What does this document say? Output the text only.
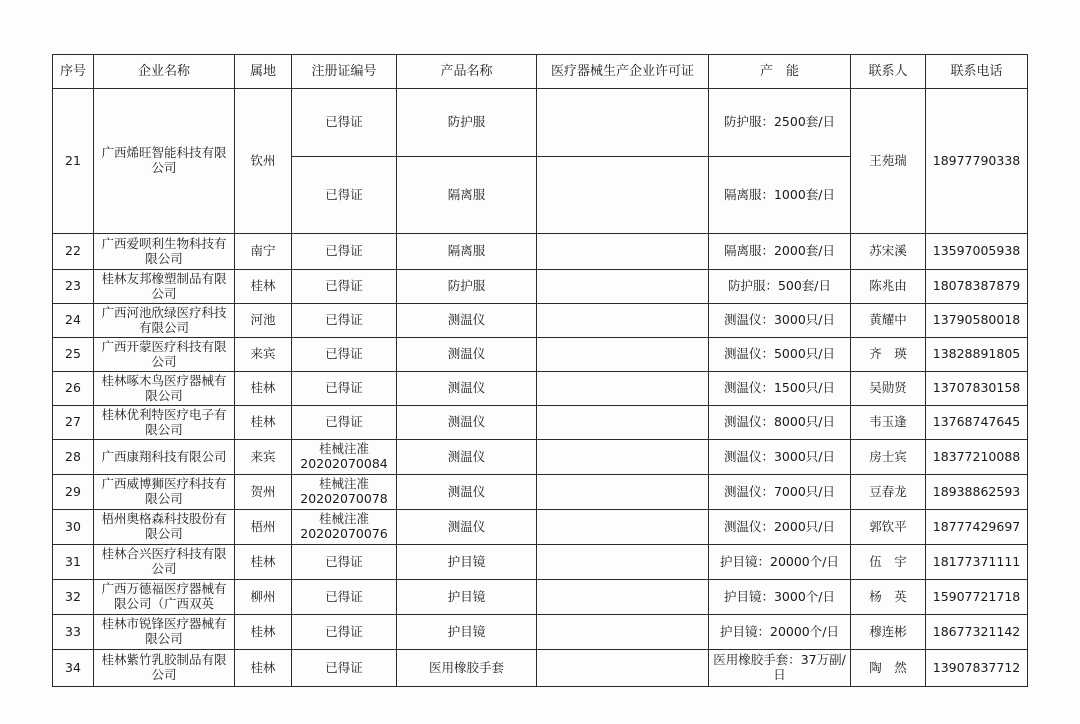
序号	企业名称	属地	注册证编号	产品名称	医疗器械生产企业许可证	产　能	联系人	联系电话
21	广西烯旺智能科技有限公司	钦州	已得证	防护服		防护服：2500套/日	王苑瑞	18977790338
			已得证	隔离服		隔离服：1000套/日		
22	广西爱呗利生物科技有限公司	南宁	已得证	隔离服		隔离服：2000套/日	苏宋溪	13597005938
23	桂林友邦橡塑制品有限公司	桂林	已得证	防护服		防护服：500套/日	陈兆由	18078387879
24	广西河池欣绿医疗科技有限公司	河池	已得证	测温仪		测温仪：3000只/日	黄耀中	13790580018
25	广西开蒙医疗科技有限公司	来宾	已得证	测温仪		测温仪：5000只/日	齐　瑛	13828891805
26	桂林啄木鸟医疗器械有限公司	桂林	已得证	测温仪		测温仪：1500只/日	吴勋贤	13707830158
27	桂林优利特医疗电子有限公司	桂林	已得证	测温仪		测温仪：8000只/日	韦玉逢	13768747645
28	广西康翔科技有限公司	来宾	桂械注准20202070084	测温仪		测温仪：3000只/日	房士宾	18377210088
29	广西威博狮医疗科技有限公司	贺州	桂械注准20202070078	测温仪		测温仪：7000只/日	豆春龙	18938862593
30	梧州奥格森科技股份有限公司	梧州	桂械注准20202070076	测温仪		测温仪：2000只/日	郭钦平	18777429697
31	桂林合兴医疗科技有限公司	桂林	已得证	护目镜		护目镜：20000个/日	伍　宇	18177371111
32	广西万德福医疗器械有限公司（广西双英	柳州	已得证	护目镜		护目镜：3000个/日	杨　英	15907721718
33	桂林市锐锋医疗器械有限公司	桂林	已得证	护目镜		护目镜：20000个/日	穆连彬	18677321142
34	桂林紫竹乳胶制品有限公司	桂林	已得证	医用橡胶手套		医用橡胶手套：37万副/日	陶　然	13907837712
